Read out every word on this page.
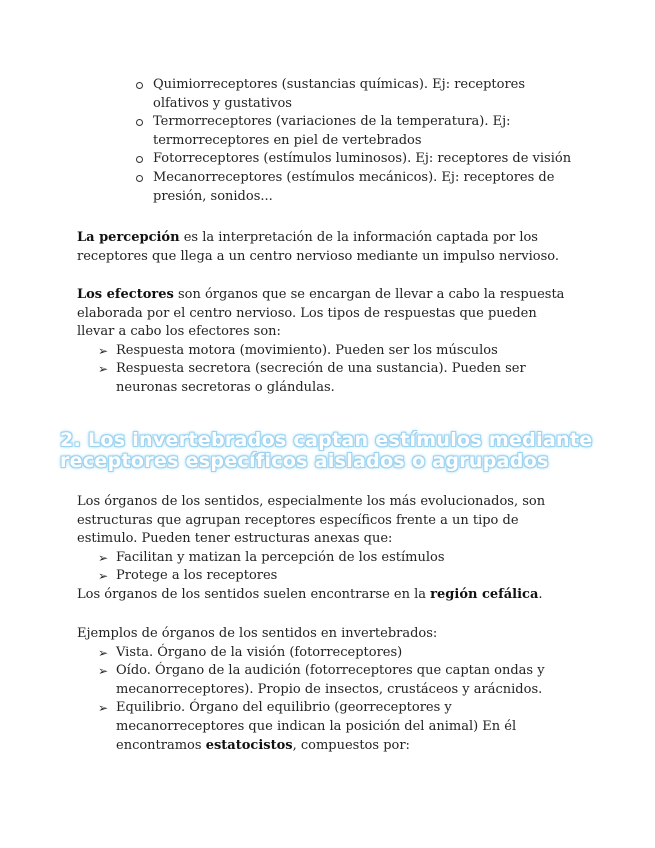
Quimiorreceptores (sustancias químicas). Ej: receptores olfativos y gustativos
Termorreceptores (variaciones de la temperatura). Ej: termorreceptores en piel de vertebrados
Fotorreceptores (estímulos luminosos). Ej: receptores de visión
Mecanorreceptores (estímulos mecánicos). Ej: receptores de presión, sonidos...

La percepción es la interpretación de la información captada por los receptores que llega a un centro nervioso mediante un impulso nervioso.

Los efectores son órganos que se encargan de llevar a cabo la respuesta elaborada por el centro nervioso. Los tipos de respuestas que pueden llevar a cabo los efectores son:

➢ Respuesta motora (movimiento). Pueden ser los músculos
➢ Respuesta secretora (secreción de una sustancia). Pueden ser neuronas secretoras o glándulas.
2. Los invertebrados captan estímulos mediante
receptores específicos aislados o agrupados

Los órganos de los sentidos, especialmente los más evolucionados, son estructuras que agrupan receptores específicos frente a un tipo de estimulo. Pueden tener estructuras anexas que:

➢ Facilitan y matizan la percepción de los estímulos
➢ Protege a los receptores

Los órganos de los sentidos suelen encontrarse en la región cefálica.

Ejemplos de órganos de los sentidos en invertebrados:

➢ Vista. Órgano de la visión (fotorreceptores)
➢ Oído. Órgano de la audición (fotorreceptores que captan ondas y mecanorreceptores). Propio de insectos, crustáceos y arácnidos.
➢ Equilibrio. Órgano del equilibrio (georreceptores y mecanorreceptores que indican la posición del animal) En él encontramos estatocistos, compuestos por:
